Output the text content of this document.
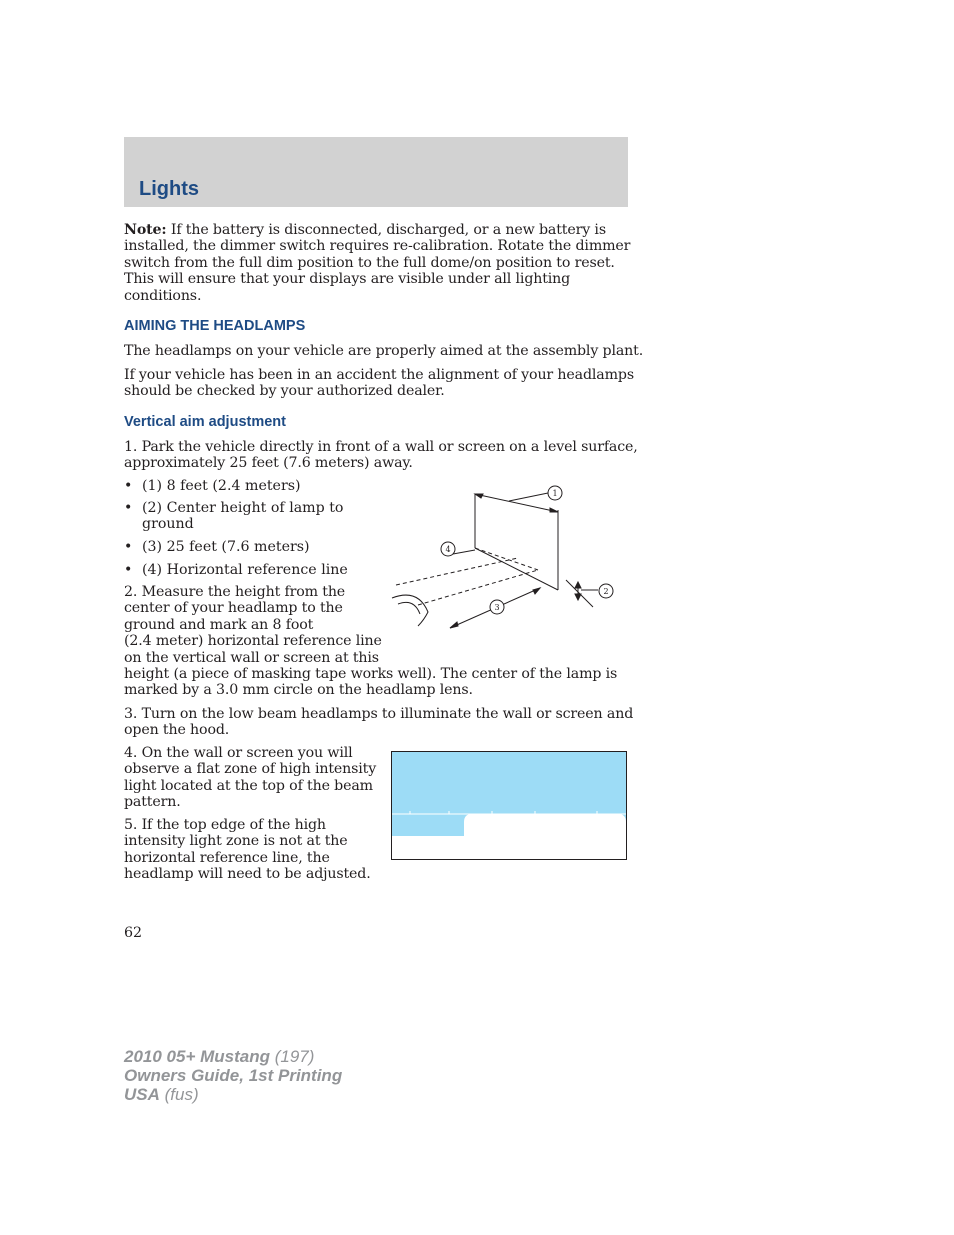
Lights
Note: If the battery is disconnected, discharged, or a new battery is
installed, the dimmer switch requires re-calibration. Rotate the dimmer
switch from the full dim position to the full dome/on position to reset.
This will ensure that your displays are visible under all lighting
conditions.
AIMING THE HEADLAMPS
The headlamps on your vehicle are properly aimed at the assembly plant.
If your vehicle has been in an accident the alignment of your headlamps
should be checked by your authorized dealer.
Vertical aim adjustment
1. Park the vehicle directly in front of a wall or screen on a level surface,
approximately 25 feet (7.6 meters) away.
• (1) 8 feet (2.4 meters)
• (2) Center height of lamp to
ground
• (3) 25 feet (7.6 meters)
• (4) Horizontal reference line
2. Measure the height from the
center of your headlamp to the
ground and mark an 8 foot
(2.4 meter) horizontal reference line
on the vertical wall or screen at this
height (a piece of masking tape works well). The center of the lamp is
marked by a 3.0 mm circle on the headlamp lens.
3. Turn on the low beam headlamps to illuminate the wall or screen and
open the hood.
4. On the wall or screen you will
observe a flat zone of high intensity
light located at the top of the beam
pattern.
5. If the top edge of the high
intensity light zone is not at the
horizontal reference line, the
headlamp will need to be adjusted.
1
2
3
4
62
2010 05+ Mustang (197)
Owners Guide, 1st Printing
USA (fus)
